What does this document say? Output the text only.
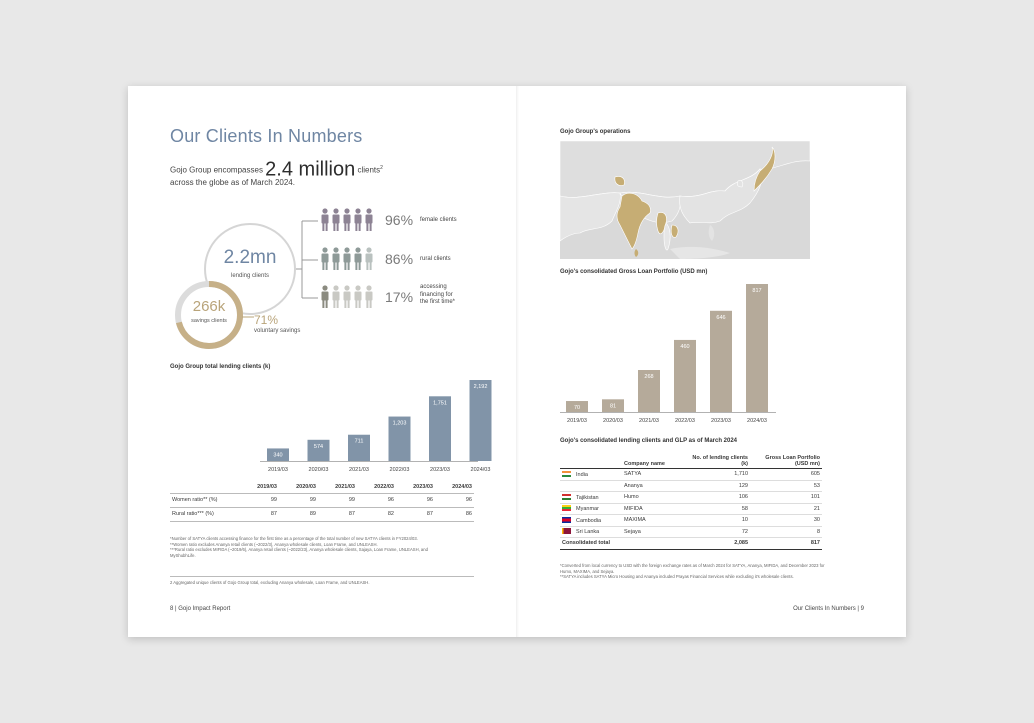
Our Clients In Numbers
Gojo Group encompasses 2.4 million clients$^2$
across the globe as of March 2024.
2.2mn
lending clients
266k
savings clients	71%
voluntary savings
96% female clients
86% rural clients
17%
accessing
financing for
the first time*
Gojo Group total lending clients (k)
340
2019/03
574
2020/03
711
2021/03
1,203
2022/03
1,751
2023/03
2,192
2024/03
	2019/03	2020/03	2021/03	2022/03	2023/03	2024/03
Women ratio** (%)	99	99	99	96	96	96
Rural ratio*** (%)	87	89	87	82	87	86
*Number of SATYA clients accessing finance for the first time as a percentage of the total number of new SATYA clients in FY2024/03.
**Women ratio excludes Ananya retail clients (~2022/3), Ananya wholesale clients, Loan Frame, and UNLEASH.
***Rural ratio excludes MIFIDA (~2019/6), Ananya retail clients (~2022/23), Ananya wholesale clients, Sajaya, Loan Frame, UNLEASH, and
MyShubhLife.
2 Aggregated unique clients of Gojo Group total, excluding Ananya wholesale, Loan Frame, and UNLEASH.
8 | Gojo Impact Report
Gojo Group's operations
Gojo's consolidated Gross Loan Portfolio (USD mn)
70
2019/03
81
2020/03
268
2021/03
460
2022/03
646
2023/03
817
2024/03
Gojo's consolidated lending clients and GLP as of March 2024
	Company name	No. of lending clients (k)	Gross Loan Portfolio (USD mn)
India	SATYA	1,710	605
	Ananya	129	53
Tajikistan	Humo	106	101
Myanmar	MIFIDA	58	21
Cambodia	MAXIMA	10	30
Sri Lanka	Sejaya	72	8
Consolidated total		2,085	817
*Converted from local currency to USD with the foreign exchange rates as of March 2024 for SATYA, Ananya, MIFIDA, and December 2023 for
Humo, MAXIMA, and Sejaya.
**SATYA includes SATYA Micro Housing and Ananya included Prayas Financial Services while excluding it's wholesale clients.
Our Clients In Numbers | 9
